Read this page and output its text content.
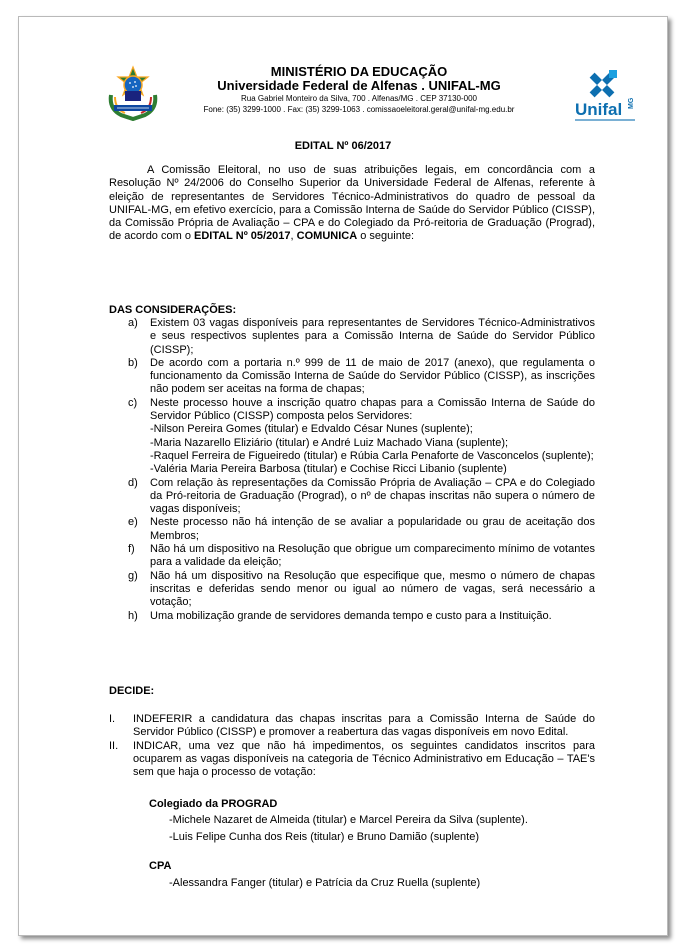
MINISTÉRIO DA EDUCAÇÃO
Universidade Federal de Alfenas . UNIFAL-MG
Rua Gabriel Monteiro da Silva, 700 . Alfenas/MG . CEP 37130-000
Fone: (35) 3299-1000 . Fax: (35) 3299-1063 . comissaoeleitoral.geral@unifal-mg.edu.br	Unifal MG
EDITAL Nº 06/2017
A Comissão Eleitoral, no uso de suas atribuições legais, em concordância com a Resolução Nº 24/2006 do Conselho Superior da Universidade Federal de Alfenas, referente à eleição de representantes de Servidores Técnico-Administrativos do quadro de pessoal da UNIFAL-MG, em efetivo exercício, para a Comissão Interna de Saúde do Servidor Público (CISSP), da Comissão Própria de Avaliação – CPA e do Colegiado da Pró-reitoria de Graduação (Prograd), de acordo com o EDITAL Nº 05/2017, COMUNICA o seguinte:
DAS CONSIDERAÇÕES:
a) Existem 03 vagas disponíveis para representantes de Servidores Técnico-Administrativos e seus respectivos suplentes para a Comissão Interna de Saúde do Servidor Público (CISSP);
b) De acordo com a portaria n.º 999 de 11 de maio de 2017 (anexo), que regulamenta o funcionamento da Comissão Interna de Saúde do Servidor Público (CISSP), as inscrições não podem ser aceitas na forma de chapas;
c) Neste processo houve a inscrição quatro chapas para a Comissão Interna de Saúde do Servidor Público (CISSP) composta pelos Servidores:
-Nilson Pereira Gomes (titular) e Edvaldo César Nunes (suplente);
-Maria Nazarello Eliziário (titular) e André Luiz Machado Viana (suplente);
-Raquel Ferreira de Figueiredo (titular) e Rúbia Carla Penaforte de Vasconcelos (suplente);
-Valéria Maria Pereira Barbosa (titular) e Cochise Ricci Libanio (suplente)
d) Com relação às representações da Comissão Própria de Avaliação – CPA e do Colegiado da Pró-reitoria de Graduação (Prograd), o nº de chapas inscritas não supera o número de vagas disponíveis;
e) Neste processo não há intenção de se avaliar a popularidade ou grau de aceitação dos Membros;
f) Não há um dispositivo na Resolução que obrigue um comparecimento mínimo de votantes para a validade da eleição;
g) Não há um dispositivo na Resolução que especifique que, mesmo o número de chapas inscritas e deferidas sendo menor ou igual ao número de vagas, será necessário a votação;
h) Uma mobilização grande de servidores demanda tempo e custo para a Instituição.
DECIDE:
I. INDEFERIR a candidatura das chapas inscritas para a Comissão Interna de Saúde do Servidor Público (CISSP) e promover a reabertura das vagas disponíveis em novo Edital.
II. INDICAR, uma vez que não há impedimentos, os seguintes candidatos inscritos para ocuparem as vagas disponíveis na categoria de Técnico Administrativo em Educação – TAE's sem que haja o processo de votação:
Colegiado da PROGRAD
-Michele Nazaret de Almeida (titular) e Marcel Pereira da Silva (suplente).
-Luis Felipe Cunha dos Reis (titular) e Bruno Damião (suplente)
CPA
-Alessandra Fanger (titular) e Patrícia da Cruz Ruella (suplente)
